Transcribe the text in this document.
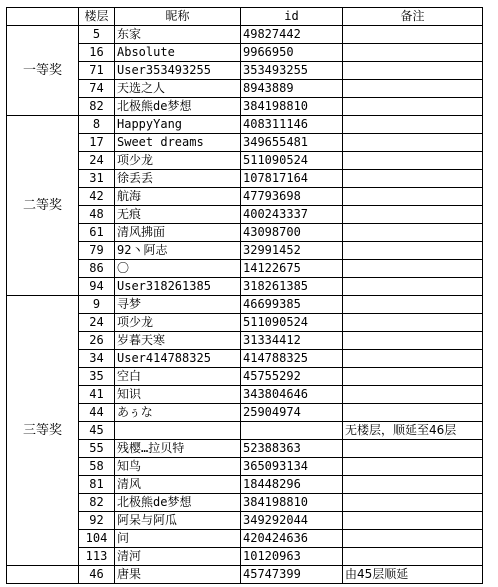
	楼层	昵称	id	备注
一等奖	5	东家	49827442	
	16	Absolute	9966950	
	71	User353493255	353493255	
	74	天选之人	8943889	
	82	北极熊de梦想	384198810	
二等奖	8	HappyYang	408311146	
	17	Sweet dreams	349655481	
	24	项少龙	511090524	
	31	徐丢丢	107817164	
	42	航海	47793698	
	48	无痕	400243337	
	61	清风拂面	43098700	
	79	92丶阿志	32991452	
	86	〇	14122675	
	94	User318261385	318261385	
三等奖	9	寻梦	46699385	
	24	项少龙	511090524	
	26	岁暮天寒	31334412	
	34	User414788325	414788325	
	35	空白	45755292	
	41	知识	343804646	
	44	あぅな	25904974	
	45			无楼层，顺延至46层
	55	残樱…拉贝特	52388363	
	58	知鸟	365093134	
	81	清风	18448296	
	82	北极熊de梦想	384198810	
	92	阿呆与阿瓜	349292044	
	104	问	420424636	
	113	清河	10120963	
	46	唐果	45747399	由45层顺延
